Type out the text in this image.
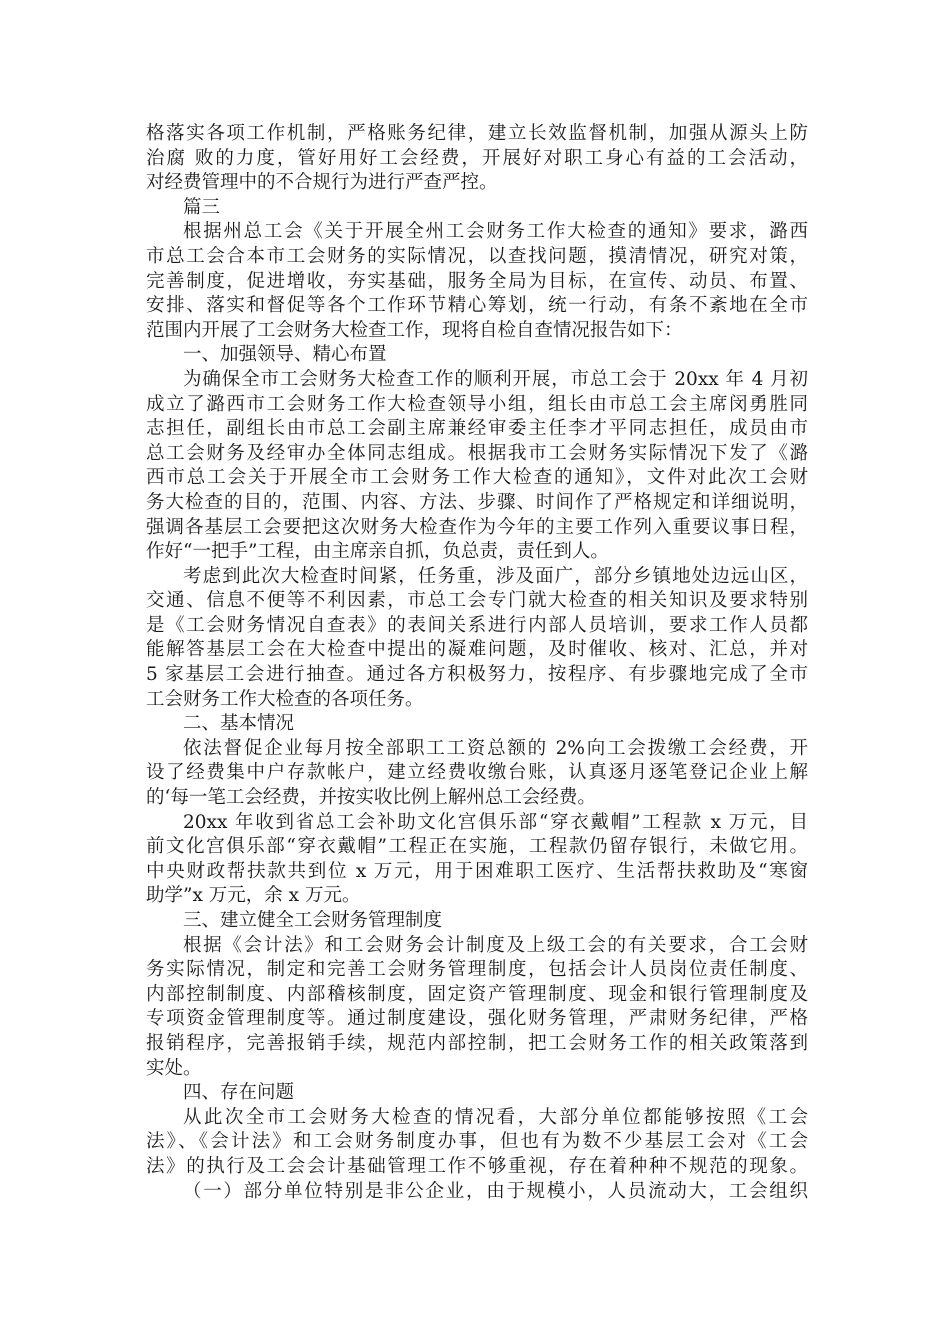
格落实各项工作机制，严格账务纪律，建立长效监督机制，加强从源头上防
治腐 败的力度，管好用好工会经费，开展好对职工身心有益的工会活动，
对经费管理中的不合规行为进行严查严控。
篇三
根据州总工会《关于开展全州工会财务工作大检查的通知》要求，潞西
市总工会合本市工会财务的实际情况，以查找问题，摸清情况，研究对策，
完善制度，促进增收，夯实基础，服务全局为目标，在宣传、动员、布置、
安排、落实和督促等各个工作环节精心筹划，统一行动，有条不紊地在全市
范围内开展了工会财务大检查工作，现将自检自查情况报告如下：
一、加强领导、精心布置
为确保全市工会财务大检查工作的顺利开展，市总工会于 20xx 年 4 月初
成立了潞西市工会财务工作大检查领导小组，组长由市总工会主席闵勇胜同
志担任，副组长由市总工会副主席兼经审委主任李才平同志担任，成员由市
总工会财务及经审办全体同志组成。根据我市工会财务实际情况下发了《潞
西市总工会关于开展全市工会财务工作大检查的通知》，文件对此次工会财
务大检查的目的，范围、内容、方法、步骤、时间作了严格规定和详细说明，
强调各基层工会要把这次财务大检查作为今年的主要工作列入重要议事日程，
作好“一把手”工程，由主席亲自抓，负总责，责任到人。
考虑到此次大检查时间紧，任务重，涉及面广，部分乡镇地处边远山区，
交通、信息不便等不利因素，市总工会专门就大检查的相关知识及要求特别
是《工会财务情况自查表》的表间关系进行内部人员培训，要求工作人员都
能解答基层工会在大检查中提出的凝难问题，及时催收、核对、汇总，并对
5 家基层工会进行抽查。通过各方积极努力，按程序、有步骤地完成了全市
工会财务工作大检查的各项任务。
二、基本情况
依法督促企业每月按全部职工工资总额的 2%向工会拨缴工会经费，开
设了经费集中户存款帐户，建立经费收缴台账，认真逐月逐笔登记企业上解
的‘每一笔工会经费，并按实收比例上解州总工会经费。
20xx 年收到省总工会补助文化宫俱乐部“穿衣戴帽”工程款 x 万元，目
前文化宫俱乐部“穿衣戴帽”工程正在实施，工程款仍留存银行，未做它用。
中央财政帮扶款共到位 x 万元，用于困难职工医疗、生活帮扶救助及“寒窗
助学”x 万元，余 x 万元。
三、建立健全工会财务管理制度
根据《会计法》和工会财务会计制度及上级工会的有关要求，合工会财
务实际情况，制定和完善工会财务管理制度，包括会计人员岗位责任制度、
内部控制制度、内部稽核制度，固定资产管理制度、现金和银行管理制度及
专项资金管理制度等。通过制度建设，强化财务管理，严肃财务纪律，严格
报销程序，完善报销手续，规范内部控制，把工会财务工作的相关政策落到
实处。
四、存在问题
从此次全市工会财务大检查的情况看，大部分单位都能够按照《工会
法》、《会计法》和工会财务制度办事，但也有为数不少基层工会对《工会
法》的执行及工会会计基础管理工作不够重视，存在着种种不规范的现象。
（一）部分单位特别是非公企业，由于规模小，人员流动大，工会组织
